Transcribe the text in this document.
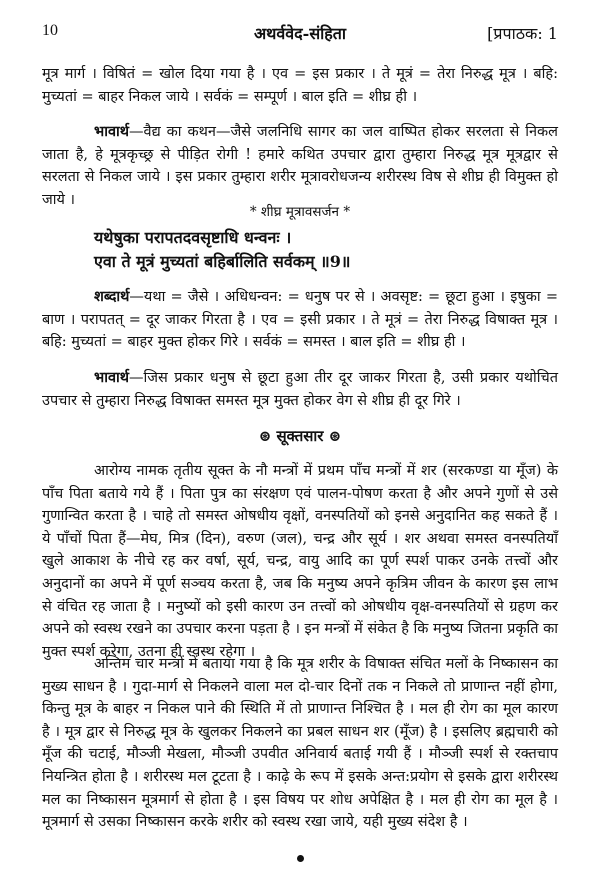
10	अथर्ववेद-संहिता	[प्रपाठक: 1
मूत्र मार्ग । विषितं = खोल दिया गया है । एव = इस प्रकार । ते मूत्रं = तेरा निरुद्ध मूत्र । बहि: मुच्यतां = बाहर निकल जाये । सर्वकं = सम्पूर्ण । बाल इति = शीघ्र ही ।
भावार्थ—वैद्य का कथन—जैसे जलनिधि सागर का जल वाष्पित होकर सरलता से निकल जाता है, हे मूत्रकृच्छ्र से पीड़ित रोगी ! हमारे कथित उपचार द्वारा तुम्हारा निरुद्ध मूत्र मूत्रद्वार से सरलता से निकल जाये । इस प्रकार तुम्हारा शरीर मूत्रावरोधजन्य शरीरस्थ विष से शीघ्र ही विमुक्त हो जाये ।
* शीघ्र मूत्रावसर्जन *
यथेषुका परापतदवसृष्टाधि धन्वनः ।
एवा ते मूत्रं मुच्यतां बहिर्बालिति सर्वकम् ॥9॥
शब्दार्थ—यथा = जैसे । अधिधन्वन: = धनुष पर से । अवसृष्ट: = छूटा हुआ । इषुका = बाण । परापतत् = दूर जाकर गिरता है । एव = इसी प्रकार । ते मूत्रं = तेरा निरुद्ध विषाक्त मूत्र । बहि: मुच्यतां = बाहर मुक्त होकर गिरे । सर्वकं = समस्त । बाल इति = शीघ्र ही ।
भावार्थ—जिस प्रकार धनुष से छूटा हुआ तीर दूर जाकर गिरता है, उसी प्रकार यथोचित उपचार से तुम्हारा निरुद्ध विषाक्त समस्त मूत्र मुक्त होकर वेग से शीघ्र ही दूर गिरे ।
⊛ सूक्तसार ⊛
आरोग्य नामक तृतीय सूक्त के नौ मन्त्रों में प्रथम पाँच मन्त्रों में शर (सरकण्डा या मूँज) के पाँच पिता बताये गये हैं । पिता पुत्र का संरक्षण एवं पालन-पोषण करता है और अपने गुणों से उसे गुणान्वित करता है । चाहे तो समस्त ओषधीय वृक्षों, वनस्पतियों को इनसे अनुदानित कह सकते हैं । ये पाँचों पिता हैं—मेघ, मित्र (दिन), वरुण (जल), चन्द्र और सूर्य । शर अथवा समस्त वनस्पतियाँ खुले आकाश के नीचे रह कर वर्षा, सूर्य, चन्द्र, वायु आदि का पूर्ण स्पर्श पाकर उनके तत्त्वों और अनुदानों का अपने में पूर्ण सञ्चय करता है, जब कि मनुष्य अपने कृत्रिम जीवन के कारण इस लाभ से वंचित रह जाता है । मनुष्यों को इसी कारण उन तत्त्वों को ओषधीय वृक्ष-वनस्पतियों से ग्रहण कर अपने को स्वस्थ रखने का उपचार करना पड़ता है । इन मन्त्रों में संकेत है कि मनुष्य जितना प्रकृति का मुक्त स्पर्श करेगा, उतना ही स्वस्थ रहेगा ।
अन्तिम चार मन्त्रों में बताया गया है कि मूत्र शरीर के विषाक्त संचित मलों के निष्कासन का मुख्य साधन है । गुदा-मार्ग से निकलने वाला मल दो-चार दिनों तक न निकले तो प्राणान्त नहीं होगा, किन्तु मूत्र के बाहर न निकल पाने की स्थिति में तो प्राणान्त निश्चित है । मल ही रोग का मूल कारण है । मूत्र द्वार से निरुद्ध मूत्र के खुलकर निकलने का प्रबल साधन शर (मूँज) है । इसलिए ब्रह्मचारी को मूँज की चटाई, मौञ्जी मेखला, मौञ्जी उपवीत अनिवार्य बताई गयी हैं । मौञ्जी स्पर्श से रक्तचाप नियन्त्रित होता है । शरीरस्थ मल टूटता है । काढ़े के रूप में इसके अन्त:प्रयोग से इसके द्वारा शरीरस्थ मल का निष्कासन मूत्रमार्ग से होता है । इस विषय पर शोध अपेक्षित है । मल ही रोग का मूल है । मूत्रमार्ग से उसका निष्कासन करके शरीर को स्वस्थ रखा जाये, यही मुख्य संदेश है ।
